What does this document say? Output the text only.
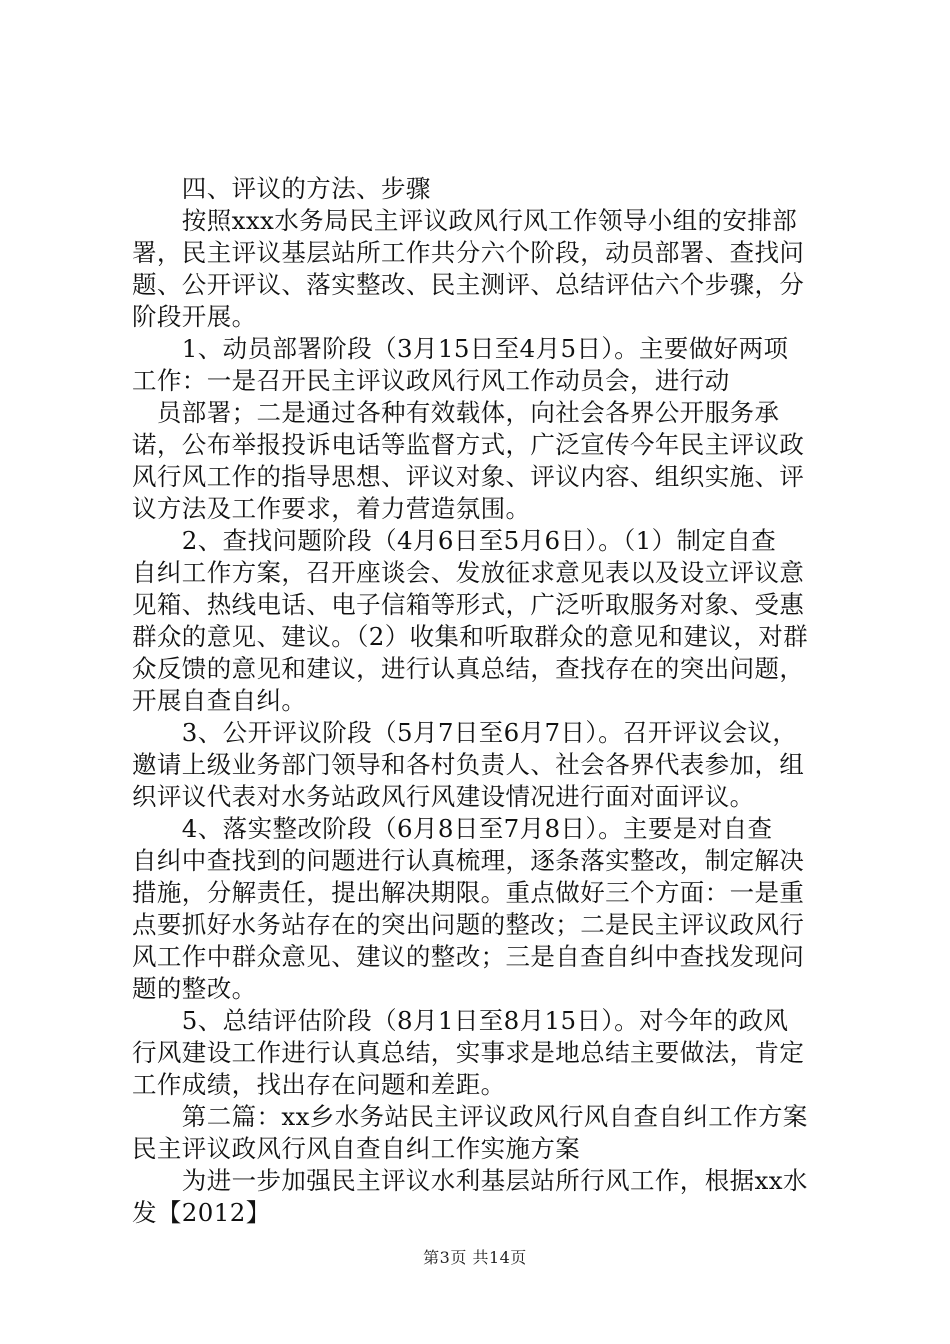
　　四、评议的方法、步骤
　　按照xxx水务局民主评议政风行风工作领导小组的安排部
署，民主评议基层站所工作共分六个阶段，动员部署、查找问
题、公开评议、落实整改、民主测评、总结评估六个步骤，分
阶段开展。
　　1、动员部署阶段（3月15日至4月5日）。主要做好两项
工作：一是召开民主评议政风行风工作动员会，进行动
　员部署；二是通过各种有效载体，向社会各界公开服务承
诺，公布举报投诉电话等监督方式，广泛宣传今年民主评议政
风行风工作的指导思想、评议对象、评议内容、组织实施、评
议方法及工作要求，着力营造氛围。
　　2、查找问题阶段（4月6日至5月6日）。（1）制定自查
自纠工作方案，召开座谈会、发放征求意见表以及设立评议意
见箱、热线电话、电子信箱等形式，广泛听取服务对象、受惠
群众的意见、建议。（2）收集和听取群众的意见和建议，对群
众反馈的意见和建议，进行认真总结，查找存在的突出问题，
开展自查自纠。
　　3、公开评议阶段（5月7日至6月7日）。召开评议会议，
邀请上级业务部门领导和各村负责人、社会各界代表参加，组
织评议代表对水务站政风行风建设情况进行面对面评议。
　　4、落实整改阶段（6月8日至7月8日）。主要是对自查
自纠中查找到的问题进行认真梳理，逐条落实整改，制定解决
措施，分解责任，提出解决期限。重点做好三个方面：一是重
点要抓好水务站存在的突出问题的整改；二是民主评议政风行
风工作中群众意见、建议的整改；三是自查自纠中查找发现问
题的整改。
　　5、总结评估阶段（8月1日至8月15日）。对今年的政风
行风建设工作进行认真总结，实事求是地总结主要做法，肯定
工作成绩，找出存在问题和差距。
　　第二篇：xx乡水务站民主评议政风行风自查自纠工作方案
民主评议政风行风自查自纠工作实施方案
　　为进一步加强民主评议水利基层站所行风工作，根据xx水
发【2012】
第3页 共14页
